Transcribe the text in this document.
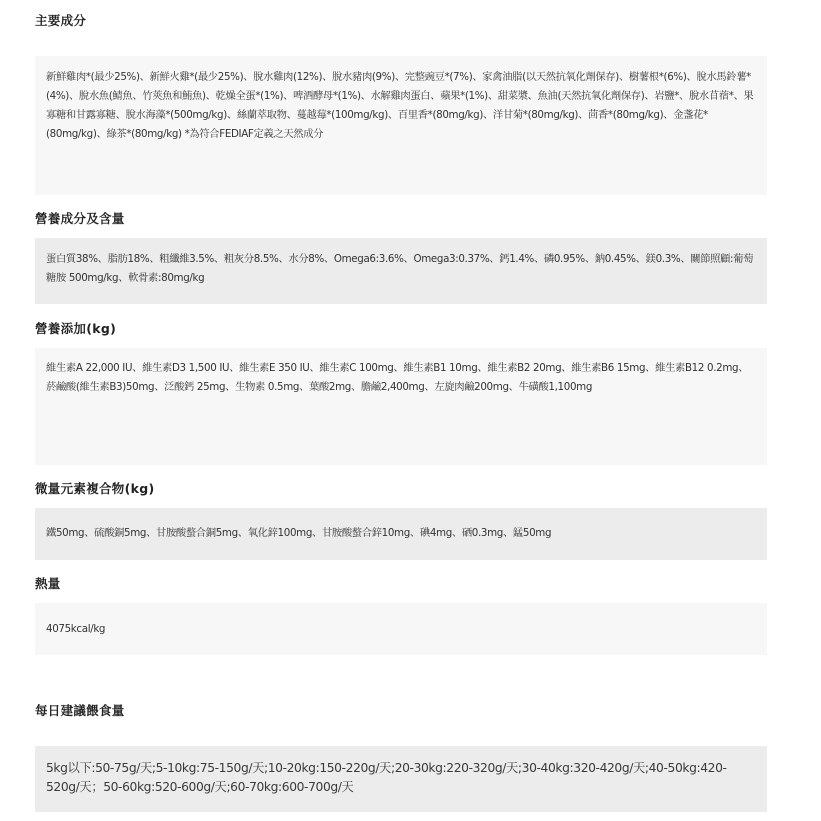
主要成分
新鮮雞肉*(最少25%)、新鮮火雞*(最少25%)、脫水雞肉(12%)、脫水豬肉(9%)、完整豌豆*(7%)、家禽油脂(以天然抗氧化劑保存)、樹薯根*(6%)、脫水馬鈴薯*(4%)、脫水魚(鯖魚、竹莢魚和鮪魚)、乾燥全蛋*(1%)、啤酒酵母*(1%)、水解雞肉蛋白、蘋果*(1%)、甜菜漿、魚油(天然抗氧化劑保存)、岩鹽*、脫水苜蓿*、果寡糖和甘露寡糖、脫水海藻*(500mg/kg)、絲蘭萃取物、蔓越莓*(100mg/kg)、百里香*(80mg/kg)、洋甘菊*(80mg/kg)、茴香*(80mg/kg)、金盞花*(80mg/kg)、綠茶*(80mg/kg) *為符合FEDIAF定義之天然成分
營養成分及含量
蛋白質38%、脂肪18%、粗纖維3.5%、粗灰分8.5%、水分8%、Omega6:3.6%、Omega3:0.37%、鈣1.4%、磷0.95%、鈉0.45%、鎂0.3%、關節照顧:葡萄糖胺 500mg/kg、軟骨素:80mg/kg
營養添加(kg)
維生素A 22,000 IU、維生素D3 1,500 IU、維生素E 350 IU、維生素C 100mg、維生素B1 10mg、維生素B2 20mg、維生素B6 15mg、維生素B12 0.2mg、菸鹼酸(維生素B3)50mg、泛酸鈣 25mg、生物素 0.5mg、葉酸2mg、膽鹼2,400mg、左旋肉鹼200mg、牛磺酸1,100mg
微量元素複合物(kg)
鐵50mg、硫酸銅5mg、甘胺酸螯合銅5mg、氧化鋅100mg、甘胺酸螯合鋅10mg、碘4mg、硒0.3mg、錳50mg
熱量
4075kcal/kg
每日建議餵食量
5kg以下:50-75g/天;5-10kg:75-150g/天;10-20kg:150-220g/天;20-30kg:220-320g/天;30-40kg:320-420g/天;40-50kg:420-520g/天；50-60kg:520-600g/天;60-70kg:600-700g/天
